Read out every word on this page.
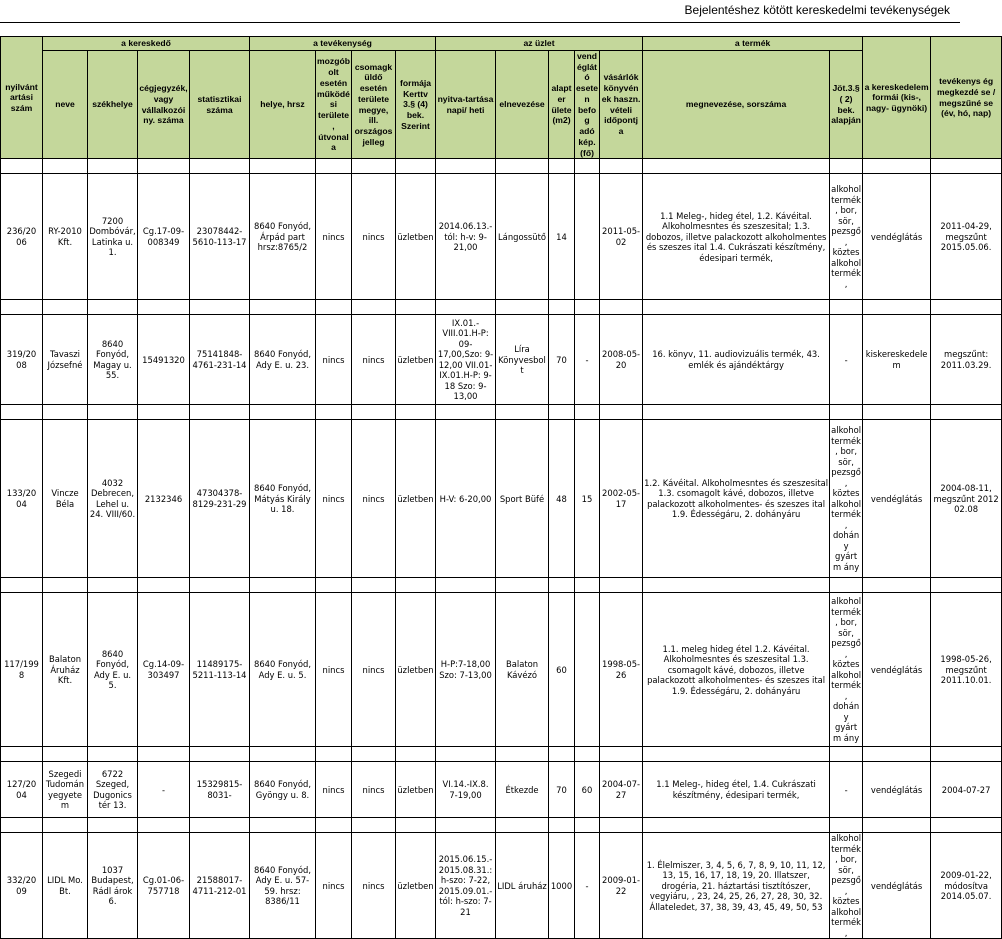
Bejelentéshez kötött kereskedelmi tevékenységek
nyilvánt artási szám	a kereskedő				a tevékenység				az üzlet					a termék		a kereskedelem formái (kis-, nagy- ügynöki)	tevékenys ég megkezdé se / megszűné se (év, hó, nap)
	neve	székhelye	cégjegyzék, vagy vállalkozói ny. száma	statisztikai száma	helye, hrsz	mozgób olt esetén működé si területe, útvonala	csomagk üldő esetén területe megye, ill. országos jelleg	formája Kerttv 3.§ (4) bek. Szerint	nyitva-tartása napi/ heti	elnevezése	alapter ülete (m2)	vend églát ó esete n befog adó kép. (fő)	vásárlók könyvén ek haszn. vételi időpontj a	megnevezése, sorszáma	Jöt.3.§( 2) bek. alapján		

236/20 06	RY-2010 Kft.	7200 Dombóvár, Latinka u. 1.	Cg.17-09-008349	23078442-5610-113-17	8640 Fonyód, Árpád part hrsz:8765/2	nincs	nincs	üzletben	2014.06.13.-tól: h-v: 9-21,00	Lángossütő	14		2011-05-02	1.1 Meleg-, hideg étel, 1.2. Kávéital. Alkoholmesntes és szeszesital; 1.3. dobozos, illetve palackozott alkoholmentes és szeszes ital 1.4. Cukrászati készítmény, édesipari termék,	alkohol termék , bor, sör, pezsgő, köztes alkohol termék ,	vendéglátás	2011-04-29, megszűnt 2015.05.06.

319/20 08	Tavaszi Józsefné	8640 Fonyód, Magay u. 55.	15491320	75141848-4761-231-14	8640 Fonyód, Ady E. u. 23.	nincs	nincs	üzletben	IX.01.-VIII.01.H-P: 09-17,00,Szo: 9-12,00 VII.01-IX.01.H-P: 9-18 Szo: 9-13,00	Líra Könyvesbolt	70	-	2008-05-20	16. könyv, 11. audiovizuális termék, 43. emlék és ajándéktárgy	-	kiskereskedelem	megszűnt: 2011.03.29.

133/20 04	Vincze Béla	4032 Debrecen, Lehel u. 24. VIII/60.	2132346	47304378-8129-231-29	8640 Fonyód, Mátyás Király u. 18.	nincs	nincs	üzletben	H-V: 6-20,00	Sport Büfé	48	15	2002-05-17	1.2. Kávéital. Alkoholmesntes és szeszesital 1.3. csomagolt kávé, dobozos, illetve palackozott alkoholmentes- és szeszes ital 1.9. Édességáru, 2. dohányáru	alkohol termék , bor, sör, pezsgő, köztes alkohol termék , dohány gyártm ány	vendéglátás	2004-08-11, megszűnt 2012 02.08

117/199 8	Balaton Áruház Kft.	8640 Fonyód, Ady E. u. 5.	Cg.14-09-303497	11489175-5211-113-14	8640 Fonyód, Ady E. u. 5.	nincs	nincs	üzletben	H-P:7-18,00 Szo: 7-13,00	Balaton Kávézó	60		1998-05-26	1.1. meleg hideg étel 1.2. Kávéital. Alkoholmesntes és szeszesital 1.3. csomagolt kávé, dobozos, illetve palackozott alkoholmentes- és szeszes ital 1.9. Édességáru, 2. dohányáru	alkohol termék , bor, sör, pezsgő, köztes alkohol termék , dohány gyártm ány	vendéglátás	1998-05-26, megszűnt 2011.10.01.

127/20 04	Szegedi Tudományegyetem	6722 Szeged, Dugonics tér 13.	-	15329815-8031-	8640 Fonyód, Gyöngy u. 8.	nincs	nincs	üzletben	VI.14.-IX.8. 7-19,00	Étkezde	70	60	2004-07-27	1.1 Meleg-, hideg étel, 1.4. Cukrászati készítmény, édesipari termék,	-	vendéglátás	2004-07-27

332/20 09	LIDL Mo. Bt.	1037 Budapest, Rádl árok 6.	Cg.01-06-757718	21588017-4711-212-01	8640 Fonyód, Ady E. u. 57-59. hrsz: 8386/11	nincs	nincs	üzletben	2015.06.15.-2015.08.31.: h-szo: 7-22, 2015.09.01.-tól: h-szo: 7-21	LIDL áruház	1000	-	2009-01-22	1. Élelmiszer, 3, 4, 5, 6, 7, 8, 9, 10, 11, 12, 13, 15, 16, 17, 18, 19, 20. Illatszer, drogéria, 21. háztartási tisztítószer, vegyiáru, , 23, 24, 25, 26, 27, 28, 30, 32. Állateledet, 37, 38, 39, 43, 45, 49, 50, 53	alkohol termék , bor, sör, pezsgő, köztes alkohol termék ,	vendéglátás	2009-01-22, módosítva 2014.05.07.
